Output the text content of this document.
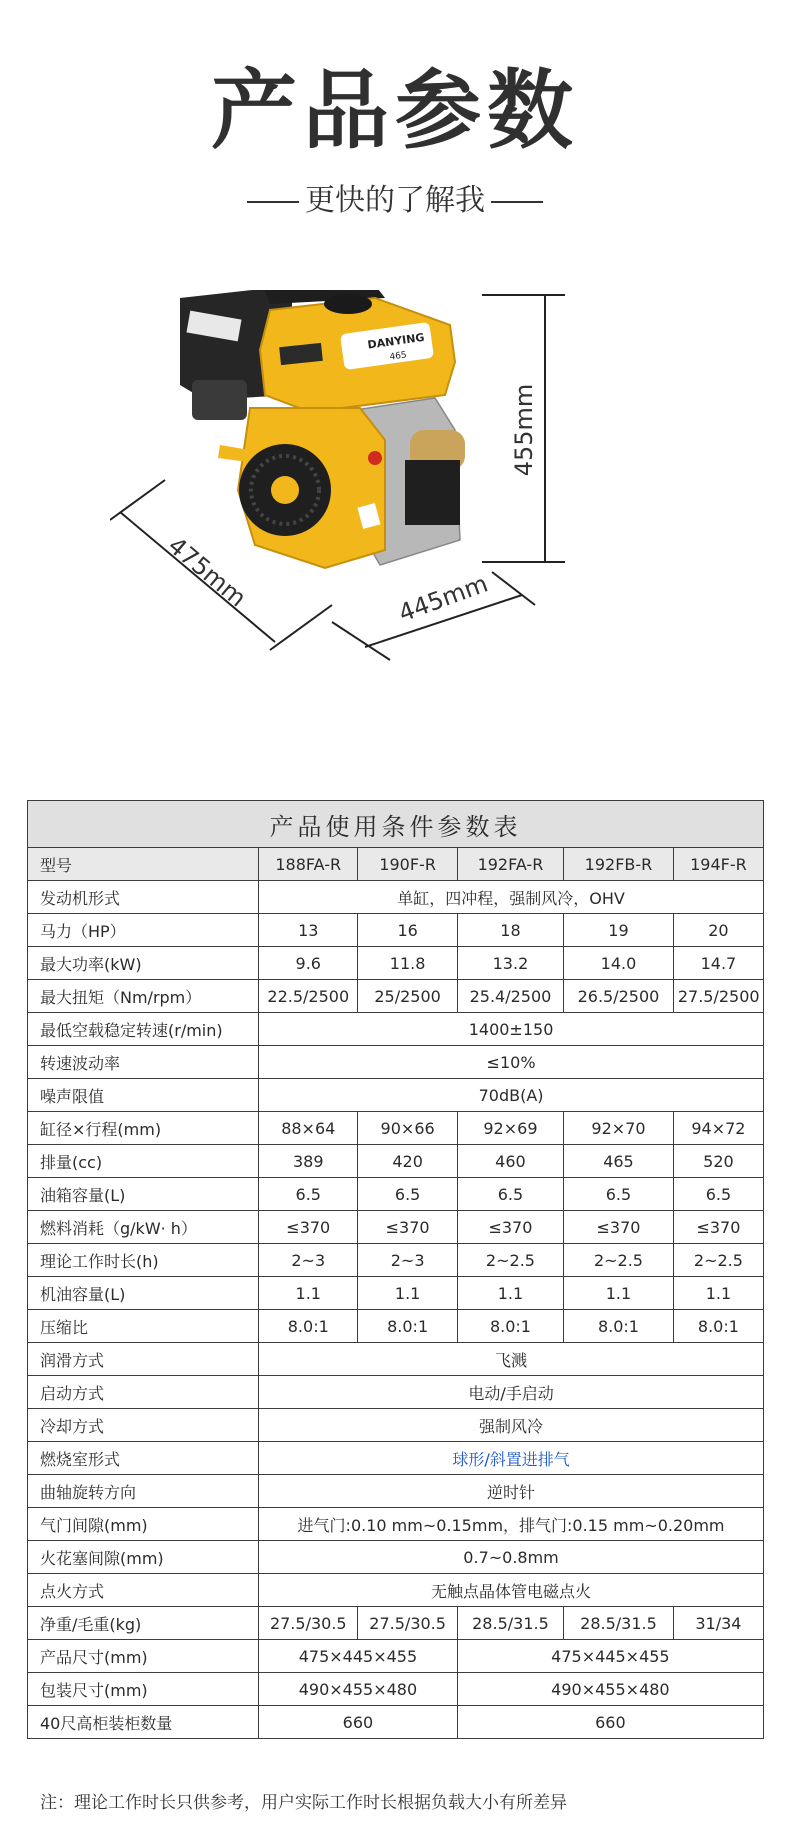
产品参数
更快的了解我
455mm
475mm	445mm
DANYING
465
产品使用条件参数表					
型号	188FA-R	190F-R	192FA-R	192FB-R	194F-R
发动机形式	单缸，四冲程，强制风冷，OHV				
马力（HP）	13	16	18	19	20
最大功率(kW)	9.6	11.8	13.2	14.0	14.7
最大扭矩（Nm/rpm）	22.5/2500	25/2500	25.4/2500	26.5/2500	27.5/2500
最低空载稳定转速(r/min)	1400±150				
转速波动率	≤10%				
噪声限值	70dB(A)				
缸径×行程(mm)	88×64	90×66	92×69	92×70	94×72
排量(cc)	389	420	460	465	520
油箱容量(L)	6.5	6.5	6.5	6.5	6.5
燃料消耗（g/kW· h）	≤370	≤370	≤370	≤370	≤370
理论工作时长(h)	2~3	2~3	2~2.5	2~2.5	2~2.5
机油容量(L)	1.1	1.1	1.1	1.1	1.1
压缩比	8.0:1	8.0:1	8.0:1	8.0:1	8.0:1
润滑方式	飞溅				
启动方式	电动/手启动				
冷却方式	强制风冷				
燃烧室形式	球形/斜置进排气				
曲轴旋转方向	逆时针				
气门间隙(mm)	进气门:0.10 mm~0.15mm，排气门:0.15 mm~0.20mm				
火花塞间隙(mm)	0.7~0.8mm				
点火方式	无触点晶体管电磁点火				
净重/毛重(kg)	27.5/30.5	27.5/30.5	28.5/31.5	28.5/31.5	31/34
产品尺寸(mm)	475×445×455		475×445×455		
包装尺寸(mm)	490×455×480		490×455×480		
40尺高柜装柜数量	660		660		
注：理论工作时长只供参考，用户实际工作时长根据负载大小有所差异
